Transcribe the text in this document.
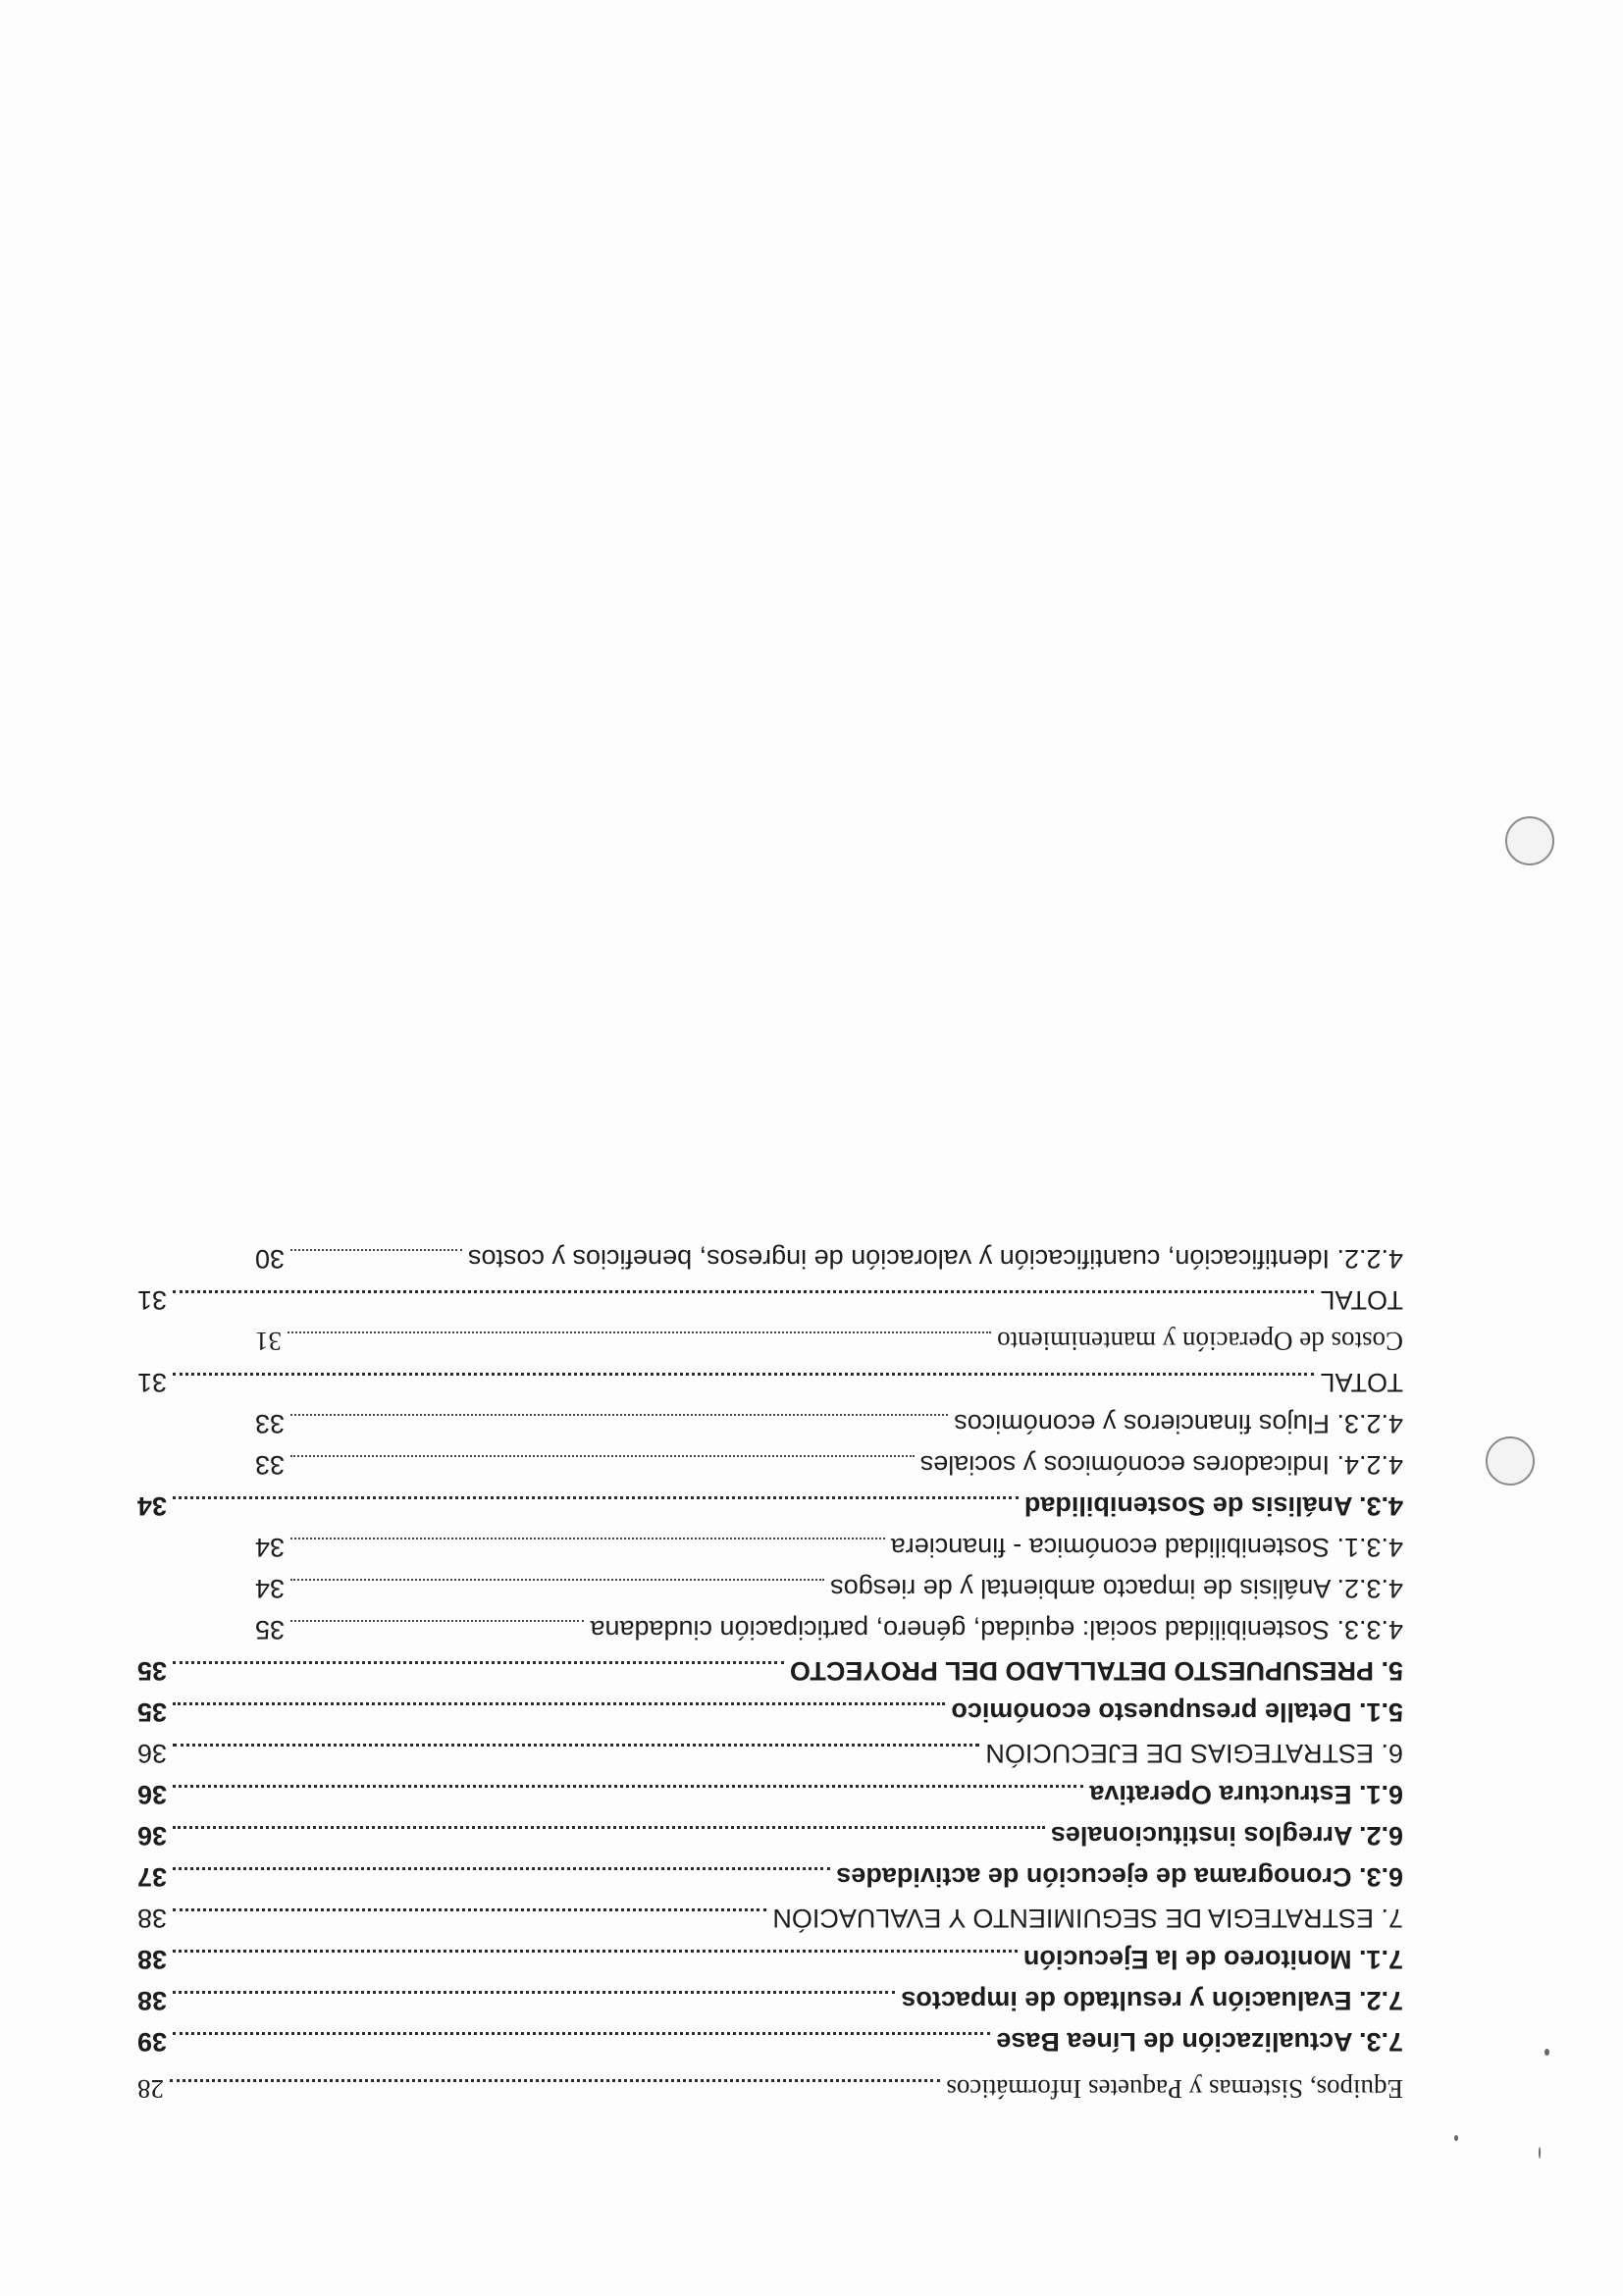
7.3. Actualización de Línea Base
39
7.2. Evaluación y resultado de impactos
38
7.1. Monitoreo de la Ejecución
38
7. ESTRATEGIA DE SEGUIMIENTO Y EVALUACIÓN
38
6.3. Cronograma de ejecución de actividades
37
6.2. Arreglos institucionales
36
6.1. Estructura Operativa
36
6. ESTRATEGIAS DE EJECUCIÓN
36
5.1. Detalle presupuesto económico
35
5. PRESUPUESTO DETALLADO DEL PROYECTO
35
4.3.3. Sostenibilidad social: equidad, género, participación ciudadana
35
4.3.2. Análisis de impacto ambiental y de riesgos
34
4.3.1. Sostenibilidad económica - financiera
34
4.3. Análisis de Sostenibilidad
34
4.2.4. Indicadores económicos y sociales
33
4.2.3. Flujos financieros y económicos
33
TOTAL
31
Costos de Operación y mantenimiento
31
TOTAL
31
4.2.2. Identificación, cuantificación y valoración de ingresos, beneficios y costos
30
Equipos, Sistemas y Paquetes Informáticos
28
